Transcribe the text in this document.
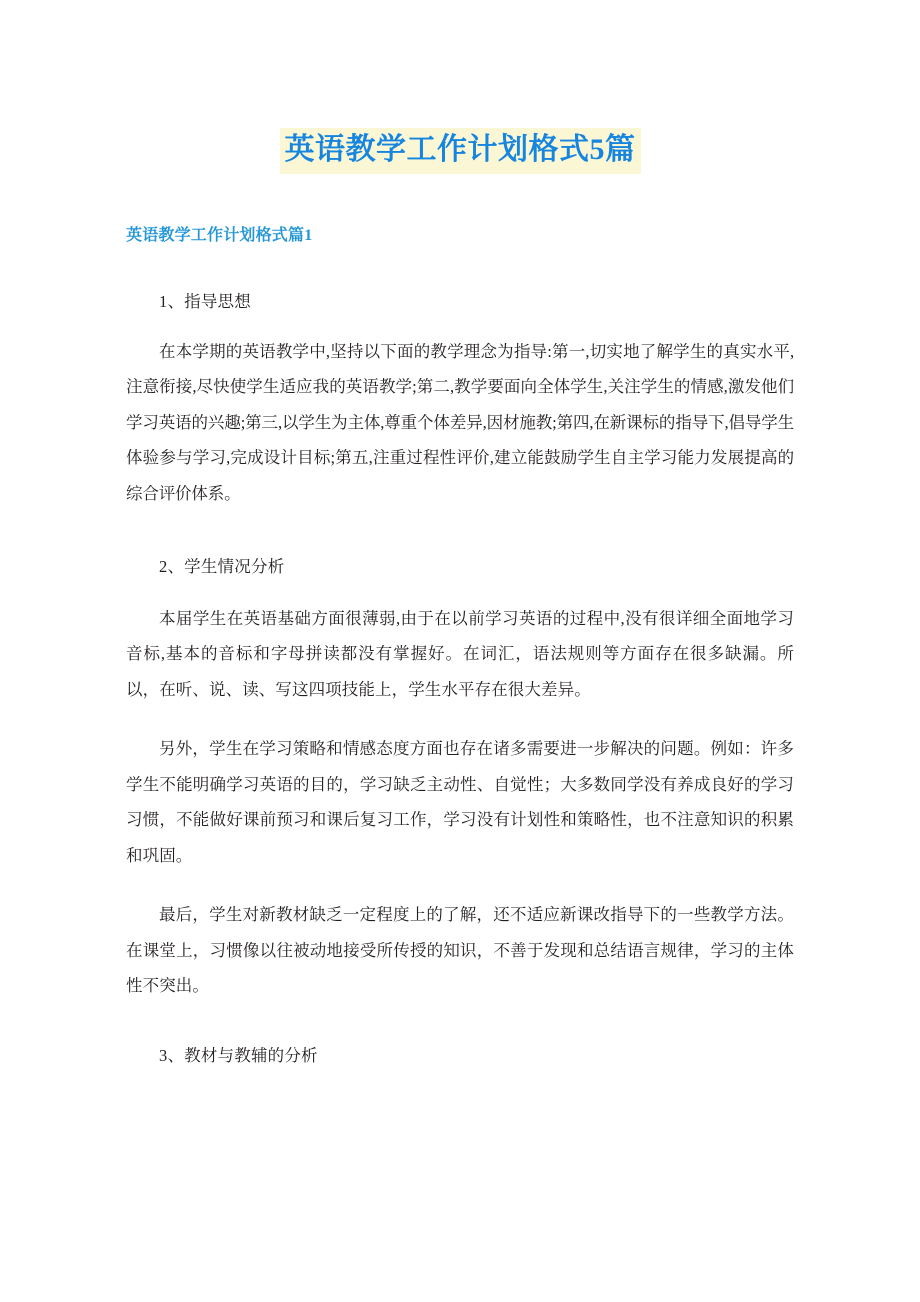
英语教学工作计划格式5篇
英语教学工作计划格式篇1
1、指导思想

在本学期的英语教学中,坚持以下面的教学理念为指导:第一,切实地了解学生的真实水平,注意衔接,尽快使学生适应我的英语教学;第二,教学要面向全体学生,关注学生的情感,激发他们学习英语的兴趣;第三,以学生为主体,尊重个体差异,因材施教;第四,在新课标的指导下,倡导学生体验参与学习,完成设计目标;第五,注重过程性评价,建立能鼓励学生自主学习能力发展提高的综合评价体系。

2、学生情况分析

本届学生在英语基础方面很薄弱,由于在以前学习英语的过程中,没有很详细全面地学习音标,基本的音标和字母拼读都没有掌握好。在词汇，语法规则等方面存在很多缺漏。所以，在听、说、读、写这四项技能上，学生水平存在很大差异。

另外，学生在学习策略和情感态度方面也存在诸多需要进一步解决的问题。例如：许多学生不能明确学习英语的目的，学习缺乏主动性、自觉性；大多数同学没有养成良好的学习习惯，不能做好课前预习和课后复习工作，学习没有计划性和策略性，也不注意知识的积累和巩固。

最后，学生对新教材缺乏一定程度上的了解，还不适应新课改指导下的一些教学方法。在课堂上，习惯像以往被动地接受所传授的知识，不善于发现和总结语言规律，学习的主体性不突出。

3、教材与教辅的分析
